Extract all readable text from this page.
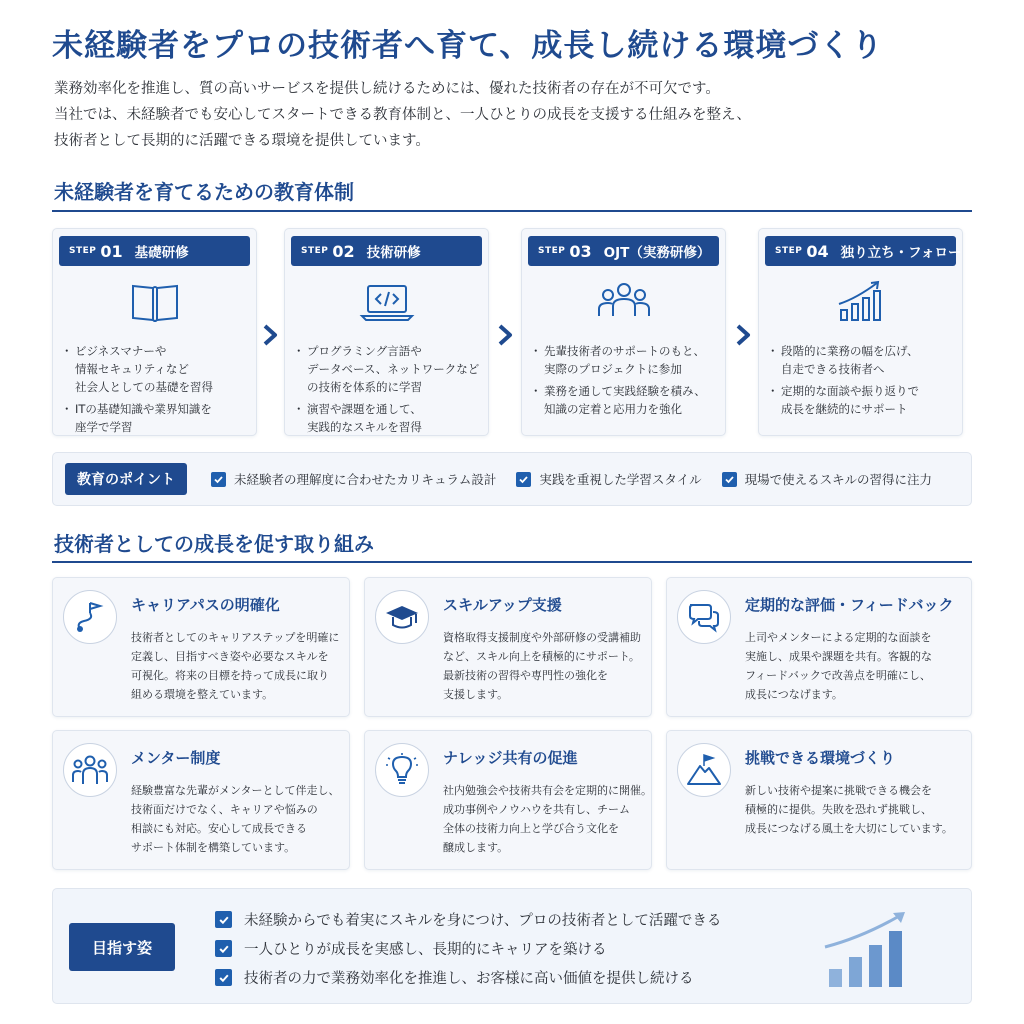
未経験者をプロの技術者へ育て、成長し続ける環境づくり

業務効率化を推進し、質の高いサービスを提供し続けるためには、優れた技術者の存在が不可欠です。

当社では、未経験者でも安心してスタートできる教育体制と、一人ひとりの成長を支援する仕組みを整え、

技術者として長期的に活躍できる環境を提供しています。

未経験者を育てるための教育体制
STEP 01 基礎研修
・ ビジネスマナーや
情報セキュリティなど
社会人としての基礎を習得
・ ITの基礎知識や業界知識を
座学で学習
STEP 02 技術研修
・ プログラミング言語や
データベース、ネットワークなど
の技術を体系的に学習
・ 演習や課題を通して、
実践的なスキルを習得
STEP 03 OJT（実務研修）
・ 先輩技術者のサポートのもと、
実際のプロジェクトに参加
・ 業務を通して実践経験を積み、
知識の定着と応用力を強化
STEP 04 独り立ち・フォロー
・ 段階的に業務の幅を広げ、
自走できる技術者へ
・ 定期的な面談や振り返りで
成長を継続的にサポート
教育のポイント	未経験者の理解度に合わせたカリキュラム設計	実践を重視した学習スタイル	現場で使えるスキルの習得に注力
技術者としての成長を促す取り組み
キャリアパスの明確化
技術者としてのキャリアステップを明確に
定義し、目指すべき姿や必要なスキルを
可視化。将来の目標を持って成長に取り
組める環境を整えています。
スキルアップ支援
資格取得支援制度や外部研修の受講補助
など、スキル向上を積極的にサポート。
最新技術の習得や専門性の強化を
支援します。
定期的な評価・フィードバック
上司やメンターによる定期的な面談を
実施し、成果や課題を共有。客観的な
フィードバックで改善点を明確にし、
成長につなげます。
メンター制度
経験豊富な先輩がメンターとして伴走し、
技術面だけでなく、キャリアや悩みの
相談にも対応。安心して成長できる
サポート体制を構築しています。
ナレッジ共有の促進
社内勉強会や技術共有会を定期的に開催。
成功事例やノウハウを共有し、チーム
全体の技術力向上と学び合う文化を
醸成します。
挑戦できる環境づくり
新しい技術や提案に挑戦できる機会を
積極的に提供。失敗を恐れず挑戦し、
成長につなげる風土を大切にしています。
目指す姿
未経験からでも着実にスキルを身につけ、プロの技術者として活躍できる
一人ひとりが成長を実感し、長期的にキャリアを築ける
技術者の力で業務効率化を推進し、お客様に高い価値を提供し続ける
